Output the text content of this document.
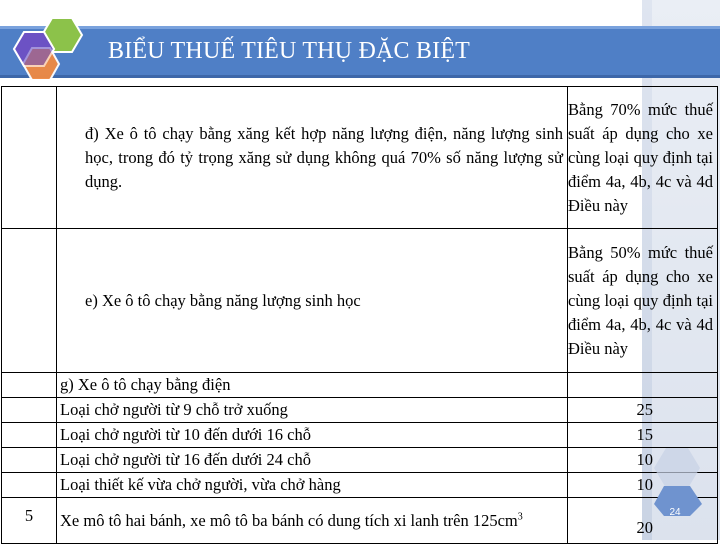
BIỂU THUẾ TIÊU THỤ ĐẶC BIỆT

	đ) Xe ô tô chạy bằng xăng kết hợp năng lượng điện, năng lượng sinh học, trong đó tỷ trọng xăng sử dụng không quá 70% số năng lượng sử dụng.	Bằng 70% mức thuế suất áp dụng cho xe cùng loại quy định tại điểm 4a, 4b, 4c và 4d Điều này

	e) Xe ô tô chạy bằng năng lượng sinh học	Bằng 50% mức thuế suất áp dụng cho xe cùng loại quy định tại điểm 4a, 4b, 4c và 4d Điều này

	g) Xe ô tô chạy bằng điện	

	Loại chở người từ 9 chỗ trở xuống	25

	Loại chở người từ 10 đến dưới 16 chỗ	15

	Loại chở người từ 16 đến dưới 24 chỗ	10

	Loại thiết kế vừa chở người, vừa chở hàng	10

5	Xe mô tô hai bánh, xe mô tô ba bánh có dung tích xi lanh trên $125cm^3$	20
24
